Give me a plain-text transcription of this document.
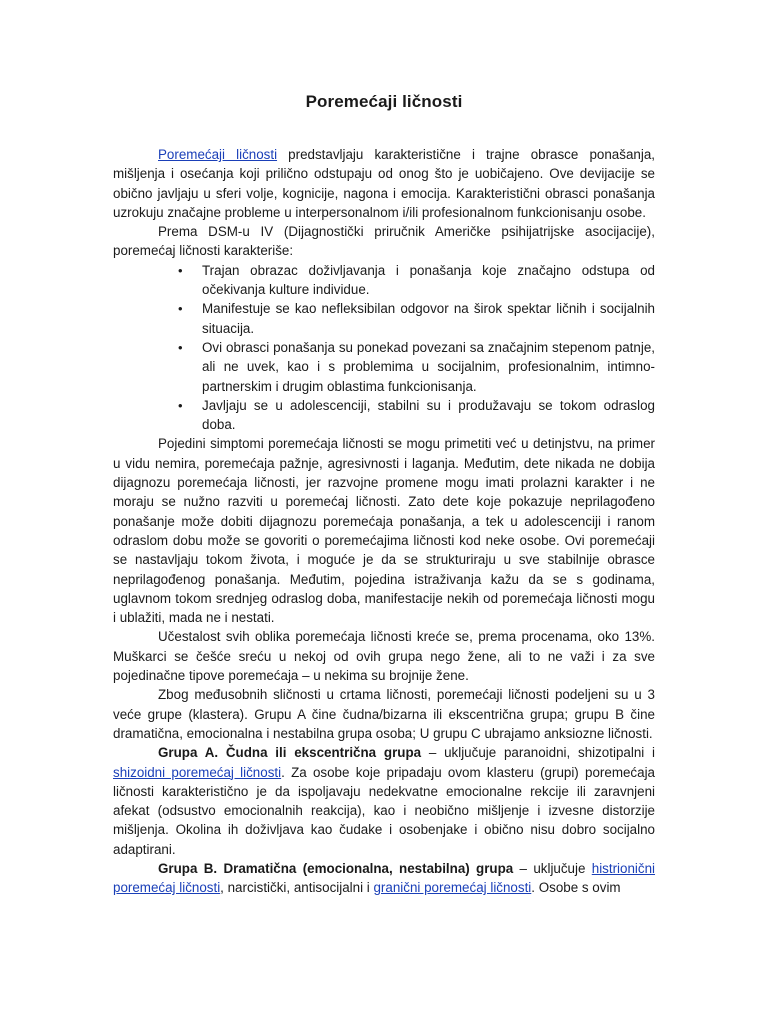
Poremećaji ličnosti

Poremećaji ličnosti predstavljaju karakteristične i trajne obrasce ponašanja, mišljenja i osećanja koji prilično odstupaju od onog što je uobičajeno. Ove devijacije se obično javljaju u sferi volje, kognicije, nagona i emocija. Karakteristični obrasci ponašanja uzrokuju značajne probleme u interpersonalnom i/ili profesionalnom funkcionisanju osobe.

Prema DSM-u IV (Dijagnostički priručnik Američke psihijatrijske asocijacije), poremećaj ličnosti karakteriše:

• Trajan obrazac doživljavanja i ponašanja koje značajno odstupa od očekivanja kulture individue.
• Manifestuje se kao nefleksibilan odgovor na širok spektar ličnih i socijalnih situacija.
• Ovi obrasci ponašanja su ponekad povezani sa značajnim stepenom patnje, ali ne uvek, kao i s problemima u socijalnim, profesionalnim, intimno-partnerskim i drugim oblastima funkcionisanja.
• Javljaju se u adolescenciji, stabilni su i produžavaju se tokom odraslog doba.

Pojedini simptomi poremećaja ličnosti se mogu primetiti već u detinjstvu, na primer u vidu nemira, poremećaja pažnje, agresivnosti i laganja. Međutim, dete nikada ne dobija dijagnozu poremećaja ličnosti, jer razvojne promene mogu imati prolazni karakter i ne moraju se nužno razviti u poremećaj ličnosti. Zato dete koje pokazuje neprilagođeno ponašanje može dobiti dijagnozu poremećaja ponašanja, a tek u adolescenciji i ranom odraslom dobu može se govoriti o poremećajima ličnosti kod neke osobe. Ovi poremećaji se nastavljaju tokom života, i moguće je da se strukturiraju u sve stabilnije obrasce neprilagođenog ponašanja. Međutim, pojedina istraživanja kažu da se s godinama, uglavnom tokom srednjeg odraslog doba, manifestacije nekih od poremećaja ličnosti mogu i ublažiti, mada ne i nestati.

Učestalost svih oblika poremećaja ličnosti kreće se, prema procenama, oko 13%. Muškarci se češće sreću u nekoj od ovih grupa nego žene, ali to ne važi i za sve pojedinačne tipove poremećaja – u nekima su brojnije žene.

Zbog međusobnih sličnosti u crtama ličnosti, poremećaji ličnosti podeljeni su u 3 veće grupe (klastera). Grupu A čine čudna/bizarna ili ekscentrična grupa; grupu B čine dramatična, emocionalna i nestabilna grupa osoba; U grupu C ubrajamo anksiozne ličnosti.

Grupa A. Čudna ili ekscentrična grupa – uključuje paranoidni, shizotipalni i shizoidni poremećaj ličnosti. Za osobe koje pripadaju ovom klasteru (grupi) poremećaja ličnosti karakteristično je da ispoljavaju nedekvatne emocionalne rekcije ili zaravnjeni afekat (odsustvo emocionalnih reakcija), kao i neobično mišljenje i izvesne distorzije mišljenja. Okolina ih doživljava kao čudake i osobenjake i obično nisu dobro socijalno adaptirani.

Grupa B. Dramatična (emocionalna, nestabilna) grupa – uključuje histrionični poremećaj ličnosti, narcistički, antisocijalni i granični poremećaj ličnosti. Osobe s ovim
